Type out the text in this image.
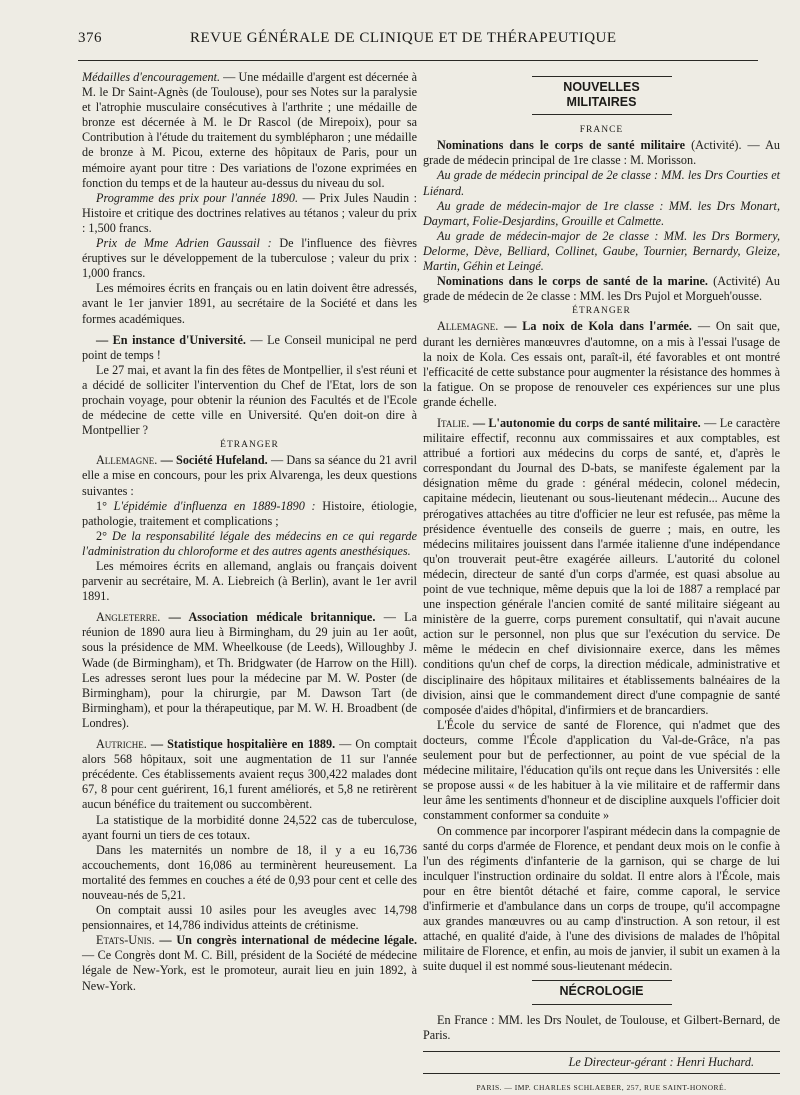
376	REVUE GÉNÉRALE DE CLINIQUE ET DE THÉRAPEUTIQUE

Médailles d'encouragement. — Une médaille d'argent est décernée à M. le Dr Saint-Agnès (de Toulouse), pour ses Notes sur la paralysie et l'atrophie musculaire consécutives à l'arthrite ; une médaille de bronze est décernée à M. le Dr Rascol (de Mirepoix), pour sa Contribution à l'étude du traitement du symblépharon ; une médaille de bronze à M. Picou, externe des hôpitaux de Paris, pour un mémoire ayant pour titre : Des variations de l'ozone exprimées en fonction du temps et de la hauteur au-dessus du niveau du sol.

Programme des prix pour l'année 1890. — Prix Jules Naudin : Histoire et critique des doctrines relatives au tétanos ; valeur du prix : 1,500 francs.

Prix de Mme Adrien Gaussail : De l'influence des fièvres éruptives sur le développement de la tuberculose ; valeur du prix : 1,000 francs.

Les mémoires écrits en français ou en latin doivent être adressés, avant le 1er janvier 1891, au secrétaire de la Société et dans les formes académiques.

— En instance d'Université. — Le Conseil municipal ne perd point de temps !

Le 27 mai, et avant la fin des fêtes de Montpellier, il s'est réuni et a décidé de solliciter l'intervention du Chef de l'Etat, lors de son prochain voyage, pour obtenir la réunion des Facultés et de l'Ecole de médecine de cette ville en Université. Qu'en doit-on dire à Montpellier ?

ÉTRANGER

Allemagne. — Société Hufeland. — Dans sa séance du 21 avril elle a mise en concours, pour les prix Alvarenga, les deux questions suivantes :

1° L'épidémie d'influenza en 1889-1890 : Histoire, étiologie, pathologie, traitement et complications ;

2° De la responsabilité légale des médecins en ce qui regarde l'administration du chloroforme et des autres agents anesthésiques.

Les mémoires écrits en allemand, anglais ou français doivent parvenir au secrétaire, M. A. Liebreich (à Berlin), avant le 1er avril 1891.

Angleterre. — Association médicale britannique. — La réunion de 1890 aura lieu à Birmingham, du 29 juin au 1er août, sous la présidence de MM. Wheelkouse (de Leeds), Willoughby J. Wade (de Birmingham), et Th. Bridgwater (de Harrow on the Hill). Les adresses seront lues pour la médecine par M. W. Poster (de Birmingham), pour la chirurgie, par M. Dawson Tart (de Birmingham), et pour la thérapeutique, par M. W. H. Broadbent (de Londres).

Autriche. — Statistique hospitalière en 1889. — On comptait alors 568 hôpitaux, soit une augmentation de 11 sur l'année précédente. Ces établissements avaient reçus 300,422 malades dont 67, 8 pour cent guérirent, 16,1 furent améliorés, et 5,8 ne retirèrent aucun bénéfice du traitement ou succombèrent.

La statistique de la morbidité donne 24,522 cas de tuberculose, ayant fourni un tiers de ces totaux.

Dans les maternités un nombre de 18, il y a eu 16,736 accouchements, dont 16,086 au terminèrent heureusement. La mortalité des femmes en couches a été de 0,93 pour cent et celle des nouveau-nés de 5,21.

On comptait aussi 10 asiles pour les aveugles avec 14,798 pensionnaires, et 14,786 individus atteints de crétinisme.

Etats-Unis. — Un congrès international de médecine légale. — Ce Congrès dont M. C. Bill, président de la Société de médecine légale de New-York, est le promoteur, aurait lieu en juin 1892, à New-York.

NOUVELLES MILITAIRES

FRANCE

Nominations dans le corps de santé militaire (Activité). — Au grade de médecin principal de 1re classe : M. Morisson.

Au grade de médecin principal de 2e classe : MM. les Drs Courties et Liénard.

Au grade de médecin-major de 1re classe : MM. les Drs Monart, Daymart, Folie-Desjardins, Grouille et Calmette.

Au grade de médecin-major de 2e classe : MM. les Drs Bormery, Delorme, Dève, Belliard, Collinet, Gaube, Tournier, Bernardy, Gleize, Martin, Géhin et Leingé.

Nominations dans le corps de santé de la marine. (Activité) Au grade de médecin de 2e classe : MM. les Drs Pujol et Morgueh'ousse.

ÉTRANGER

Allemagne. — La noix de Kola dans l'armée. — On sait que, durant les dernières manœuvres d'automne, on a mis à l'essai l'usage de la noix de Kola. Ces essais ont, paraît-il, été favorables et ont montré l'efficacité de cette substance pour augmenter la résistance des hommes à la fatigue. On se propose de renouveler ces expériences sur une plus grande échelle.

Italie. — L'autonomie du corps de santé militaire. — Le caractère militaire effectif, reconnu aux commissaires et aux comptables, est attribué a fortiori aux médecins du corps de santé, et, d'après le correspondant du Journal des D-bats, se manifeste également par la désignation même du grade : général médecin, colonel médecin, capitaine médecin, lieutenant ou sous-lieutenant médecin... Aucune des prérogatives attachées au titre d'officier ne leur est refusée, pas même la présidence éventuelle des conseils de guerre ; mais, en outre, les médecins militaires jouissent dans l'armée italienne d'une indépendance qu'on trouverait peut-être exagérée ailleurs. L'autorité du colonel médecin, directeur de santé d'un corps d'armée, est quasi absolue au point de vue technique, même depuis que la loi de 1887 a remplacé par une inspection générale l'ancien comité de santé militaire siégeant au ministère de la guerre, corps purement consultatif, qui n'avait aucune action sur le personnel, non plus que sur l'exécution du service. De même le médecin en chef divisionnaire exerce, dans les mêmes conditions qu'un chef de corps, la direction médicale, administrative et disciplinaire des hôpitaux militaires et établissements balnéaires de la division, ainsi que le commandement direct d'une compagnie de santé composée d'aides d'hôpital, d'infirmiers et de brancardiers.

L'École du service de santé de Florence, qui n'admet que des docteurs, comme l'École d'application du Val-de-Grâce, n'a pas seulement pour but de perfectionner, au point de vue spécial de la médecine militaire, l'éducation qu'ils ont reçue dans les Universités : elle se propose aussi « de les habituer à la vie militaire et de raffermir dans leur âme les sentiments d'honneur et de discipline auxquels l'officier doit constamment conformer sa conduite »

On commence par incorporer l'aspirant médecin dans la compagnie de santé du corps d'armée de Florence, et pendant deux mois on le confie à l'un des régiments d'infanterie de la garnison, qui se charge de lui inculquer l'instruction ordinaire du soldat. Il entre alors à l'École, mais pour en être bientôt détaché et faire, comme caporal, le service d'infirmerie et d'ambulance dans un corps de troupe, qu'il accompagne aux grandes manœuvres ou au camp d'instruction. A son retour, il est attaché, en qualité d'aide, à l'une des divisions de malades de l'hôpital militaire de Florence, et enfin, au mois de janvier, il subit un examen à la suite duquel il est nommé sous-lieutenant médecin.

NÉCROLOGIE

En France : MM. les Drs Noulet, de Toulouse, et Gilbert-Bernard, de Paris.

Le Directeur-gérant : Henri Huchard.
PARIS. — IMP. CHARLES SCHLAEBER, 257, RUE SAINT-HONORÉ.
